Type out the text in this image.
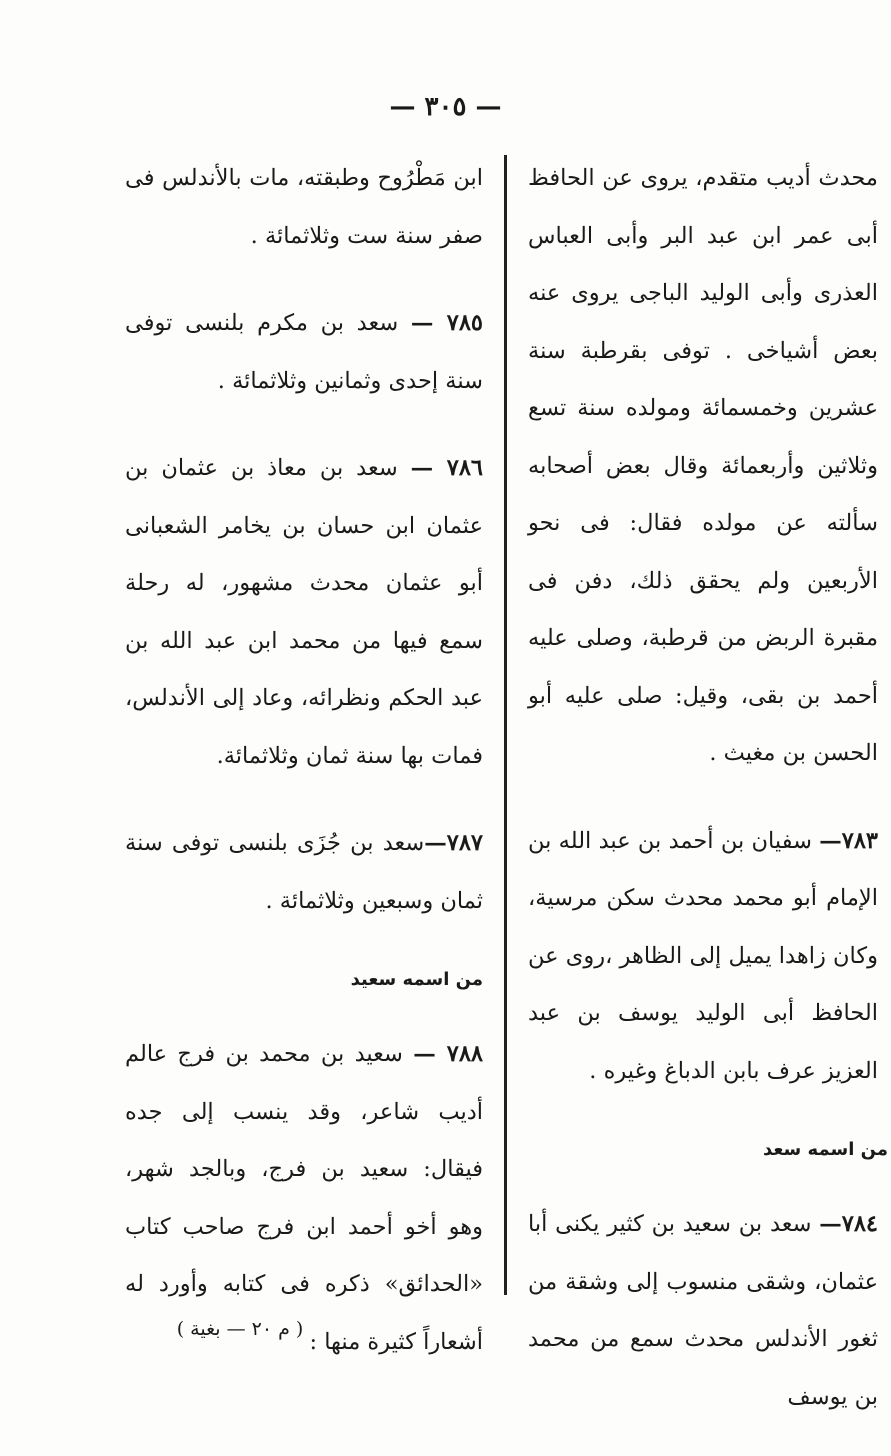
— ٣٠٥ —

محدث أديب متقدم، يروى عن الحافظ أبى عمر ابن عبد البر وأبى العباس العذرى وأبى الوليد الباجى يروى عنه بعض أشياخى . توفى بقرطبة سنة عشرين وخمسمائة ومولده سنة تسع وثلاثين وأربعمائة وقال بعض أصحابه سألته عن مولده فقال: فى نحو الأربعين ولم يحقق ذلك، دفن فى مقبرة الربض من قرطبة، وصلى عليه أحمد بن بقى، وقيل: صلى عليه أبو الحسن بن مغيث .

٧٨٣— سفيان بن أحمد بن عبد الله بن الإمام أبو محمد محدث سكن مرسية، وكان زاهدا يميل إلى الظاهر ،روى عن الحافظ أبى الوليد يوسف بن عبد العزيز عرف بابن الدباغ وغيره .

من اسمه سعد

٧٨٤— سعد بن سعيد بن كثير يكنى أبا عثمان، وشقى منسوب إلى وشقة من ثغور الأندلس محدث سمع من محمد بن يوسف

ابن مَطْرُوح وطبقته، مات بالأندلس فى صفر سنة ست وثلاثمائة .

٧٨٥ — سعد بن مكرم بلنسى توفى سنة إحدى وثمانين وثلاثمائة .

٧٨٦ — سعد بن معاذ بن عثمان بن عثمان ابن حسان بن يخامر الشعبانى أبو عثمان محدث مشهور، له رحلة سمع فيها من محمد ابن عبد الله بن عبد الحكم ونظرائه، وعاد إلى الأندلس، فمات بها سنة ثمان وثلاثمائة.

٧٨٧—سعد بن جُزَى بلنسى توفى سنة ثمان وسبعين وثلاثمائة .

من اسمه سعيد

٧٨٨ — سعيد بن محمد بن فرج عالم أديب شاعر، وقد ينسب إلى جده فيقال: سعيد بن فرج، وبالجد شهر، وهو أخو أحمد ابن فرج صاحب كتاب «الحدائق» ذكره فى كتابه وأورد له أشعاراً كثيرة منها :

( م ٢٠ — بغية )
